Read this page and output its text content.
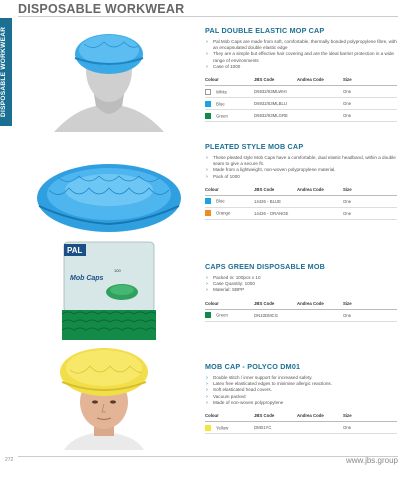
DISPOSABLE WORKWEAR
DISPOSABLE WORKWEAR	PAL DOUBLE ELASTIC MOP CAP
› Pal Mob Caps are made from soft, comfortable, thermally bonded polypropylene fibre, with an encapsulated double elastic edge
› They are a simple but effective hair covering and are the ideal barrier protection in a wide range of environments
› Case of 1000
Colour	JBS Code	Andrea Code	Size
White	D6932/53MLWHI		One
Blue	D6932/53MLBLU		One
Green	D6932/53MLGRE		One
PLEATED STYLE MOB CAP
› These pleated style Mob Caps have a comfortable, dual elastic headband, within a double seam to give a secure fit.
› Made from a lightweight, non-woven polypropylene material.
› Pack of 1000
Colour	JBS Code	Andrea Code	Size
Blue	14426 - BLUE		One
Orange	14426 - ORANGE		One
PAL
Mob Caps
100	CAPS GREEN DISPOSABLE MOB
› Packed in: 100pcs x 10
› Case Quantity: 1000
› Material: SBPP
Colour	JBS Code	Andrea Code	Size
Green	DN10DMCG		One
MOB CAP - POLYCO DM01
› Double stitch / inner support for increased safety.
› Latex free elasticated edges to minimise allergic reactions.
› Soft elasticated head covers.
› Vacuum packed
› Made of non-woven polypropylene
Colour	JBS Code	Andrea Code	Size
Yellow	DM01YC		One
272	www.jbs.group
